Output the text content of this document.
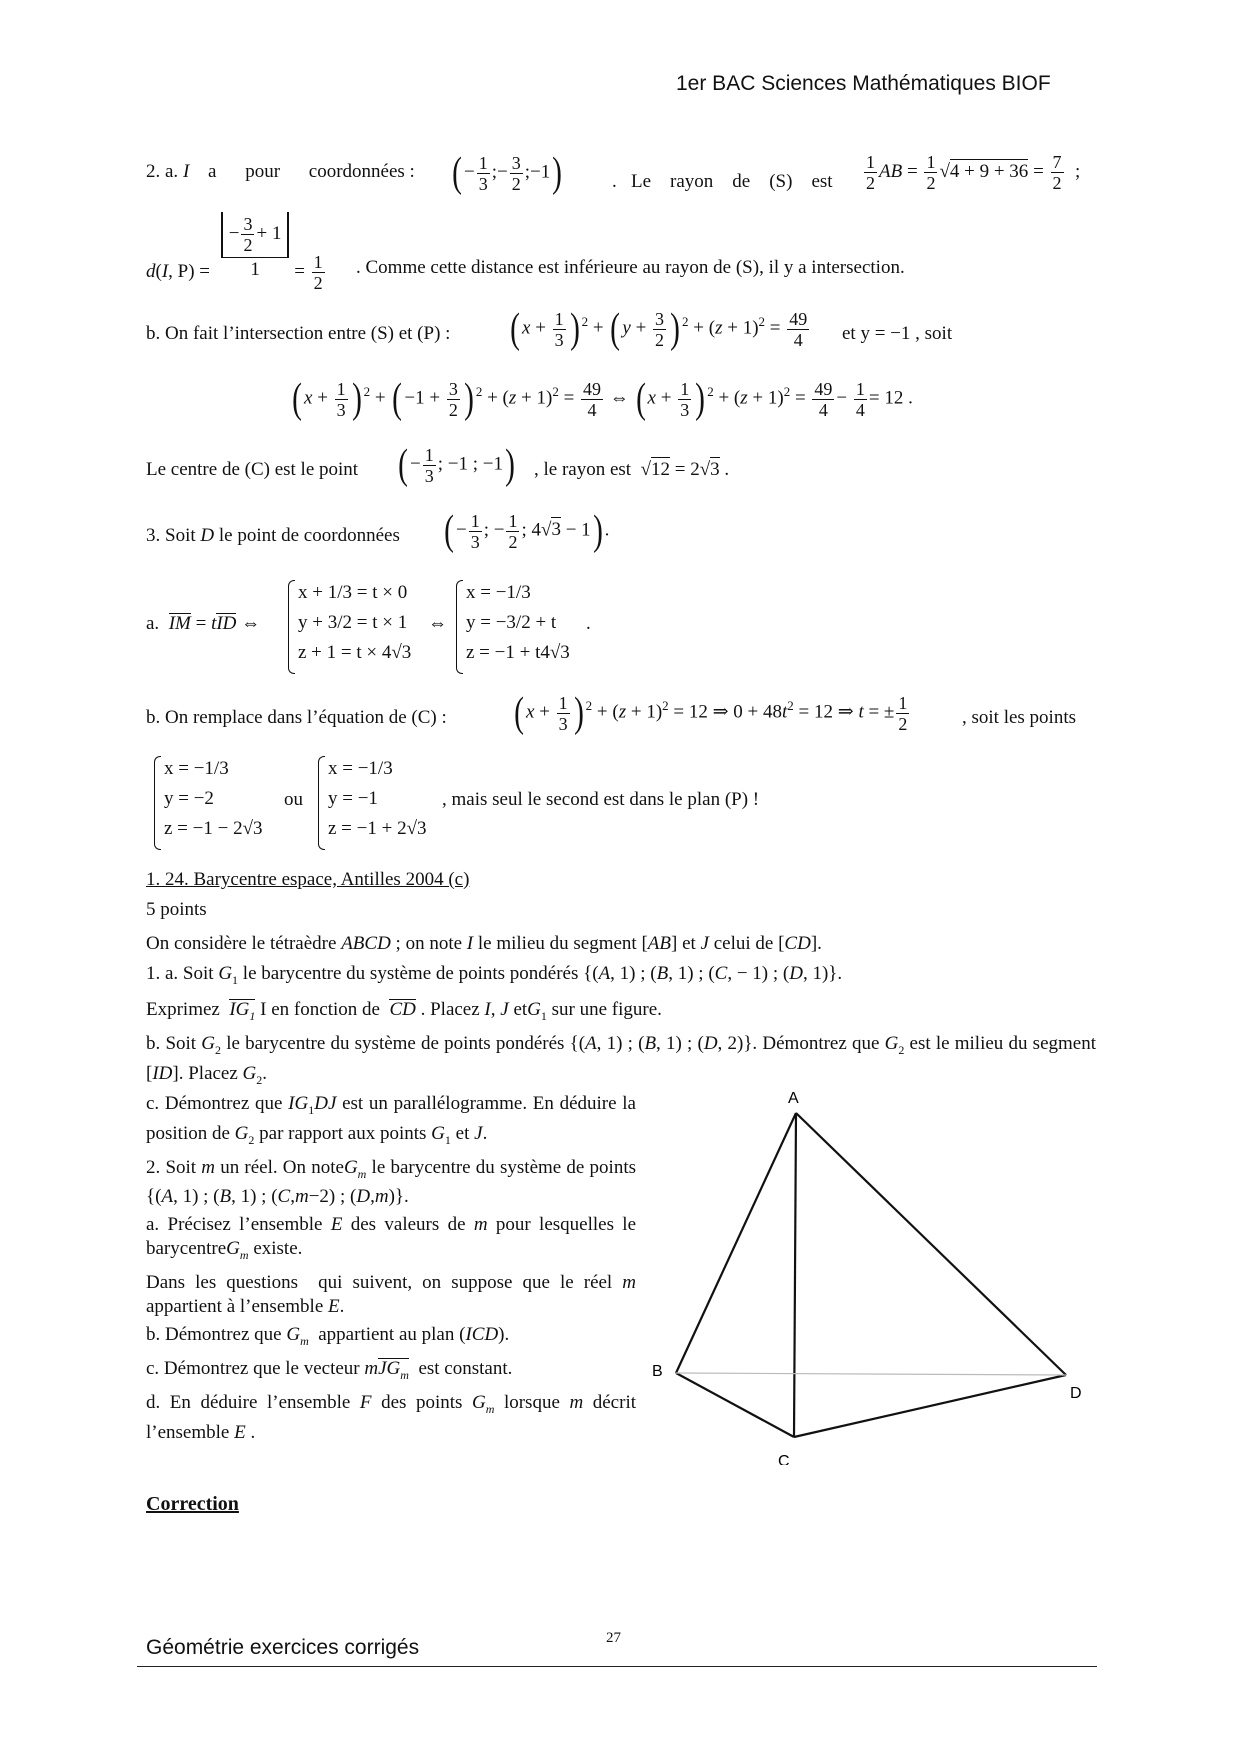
1er BAC Sciences Mathématiques BIOF
2. a. I a pour coordonnées : ( − $\frac{1}{3}$ ;− $\frac{3}{2}$ ;−1)	.   Le    rayon    de    (S)    est $\frac{1}{2}$ AB = $\frac{1}{2} √4 + 9 + 36 = \frac{7}{2}$ ;
d(I, $P) = \frac{- \frac{3}{2} + 1}{1} = \frac{1}{2}$ . Comme cette distance est inférieure au rayon de (S), il y a intersection.
b. On fait l’intersection entre (S) et (P) : ( $x + \frac{1}{3}$ ) $^2$ + ( $y + \frac{3}{2}$ ) $^2 + (z + 1)^2 = \frac{49}{4}$ et y = −1 , soit
( $x + \frac{1}{3}$ ) $^2$ + ( $-1 + \frac{3}{2}$ ) $^2 + (z + 1)^2 = \frac{49}{4}$ ⇔ ( $x + \frac{1}{3}$ ) $^2 + (z + 1)^2 = \frac{49}{4} - \frac{1}{4} = 12$ .
Le centre de (C) est le point ( − $\frac{1}{3}$ ; −1 ; −1) , le rayon est  √12 = 2√3 .
3. Soit D le point de coordonnées ( − $\frac{1}{3}$ ; − $\frac{1}{2}$ ; 4√3 − 1) .
a.  IM = tID ⇔
x + 1/3 = t × 0
y + 3/2 = t × 1
z + 1 = t × 4√3
⇔
x = −1/3
y = −3/2 + t
z = −1 + t4√3
.
b. On remplace dans l’équation de (C) : ( $x + \frac{1}{3}$ ) $^2 + (z + 1)^2 = 12$ ⇒ $0 + 48t^2 = 12$ ⇒ t = ± $\frac{1}{2}$	, soit les points
x = −1/3
y = −2
z = −1 − 2√3
ou
x = −1/3
y = −1
z = −1 + 2√3
, mais seul le second est dans le plan (P) !
1. 24. Barycentre espace, Antilles 2004 (c)
5 points
On considère le tétraèdre ABCD ; on note I le milieu du segment [AB] et J celui de [CD].
1. a. Soit $G_1$ le barycentre du système de points pondérés {(A, 1) ; (B, 1) ; (C, − 1) ; (D, 1)}.
Exprimez  $IG_1$ I en fonction de  CD . Placez I, J etG$_1$ sur une figure.
b. Soit $G_2$ le barycentre du système de points pondérés {(A, 1) ; (B, 1) ; (D, 2)}. Démontrez que $G_2$ est le milieu du segment [ID]. Placez $G_2$.

c. Démontrez que $IG_1DJ$ est un parallélogramme. En déduire la position de $G_2$ par rapport aux points $G_1$ et J.

2. Soit m un réel. On noteG$_m$ le barycentre du système de points {(A, 1) ; (B, 1) ; (C,m−2) ; (D,m)}.

a. Précisez l’ensemble E des valeurs de m pour lesquelles le barycentreG$_m$ existe.

Dans les questions  qui suivent, on suppose que le réel m appartient à l’ensemble E.

b. Démontrez que $G_m$  appartient au plan (ICD).

c. Démontrez que le vecteur mJG$_m$  est constant.

d. En déduire l’ensemble F des points $G_m$ lorsque m décrit l’ensemble E .

Correction
A
B
C
D
Géométrie exercices corrigés	27
